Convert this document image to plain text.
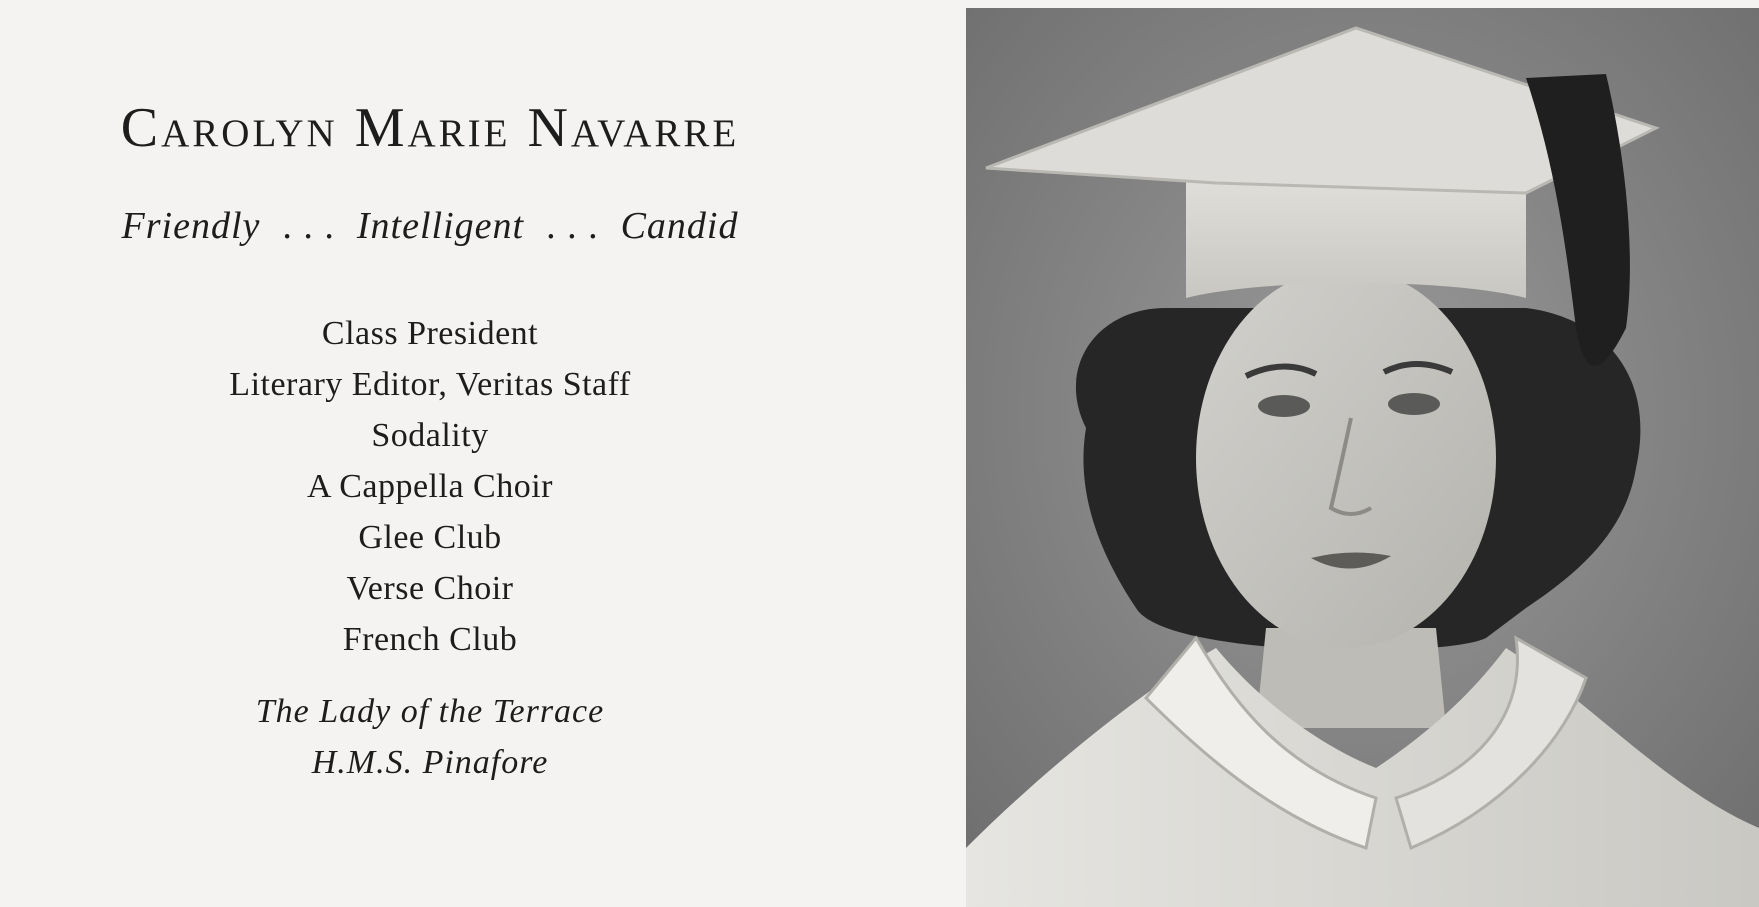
Carolyn Marie Navarre
Friendly . . . Intelligent . . . Candid
Class President
Literary Editor, Veritas Staff
Sodality
A Cappella Choir
Glee Club
Verse Choir
French Club
The Lady of the Terrace
H.M.S. Pinafore
